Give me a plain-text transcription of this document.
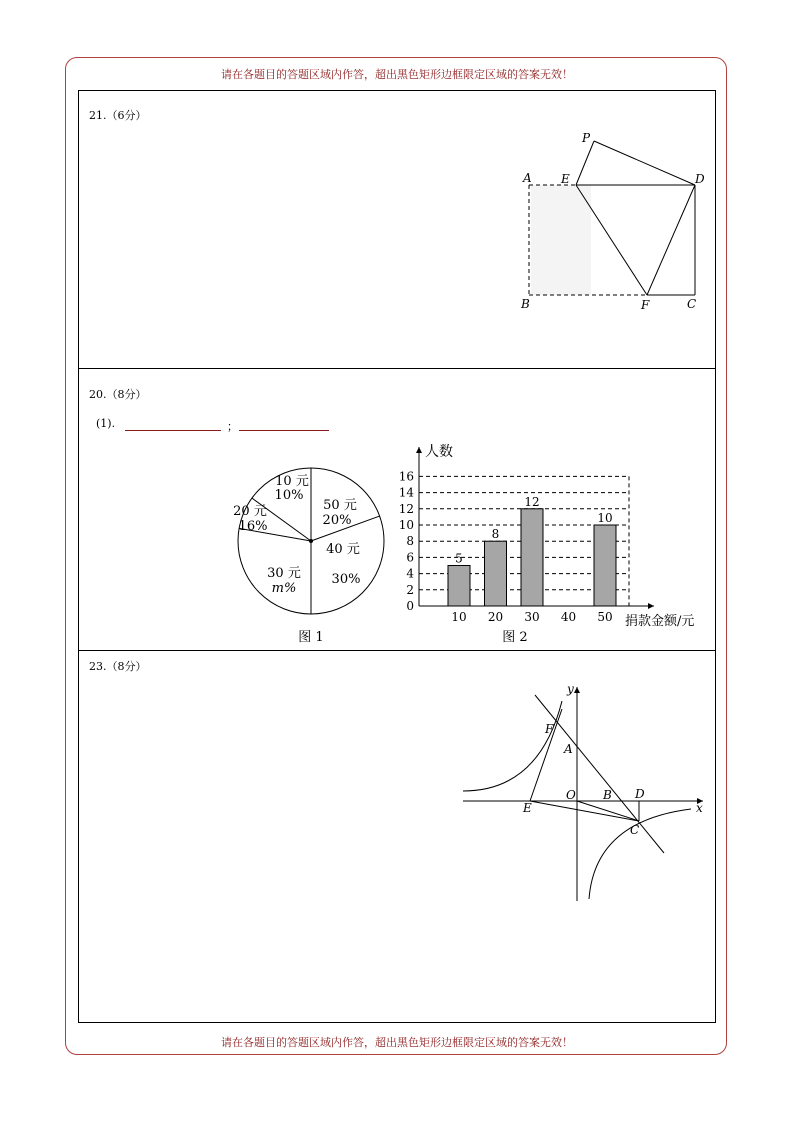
请在各题目的答题区域内作答，超出黑色矩形边框限定区域的答案无效！
请在各题目的答题区域内作答，超出黑色矩形边框限定区域的答案无效！
21.（6分）
P
A E	D
B	F	C
20.（8分）
(1).	；
10 元
10%
50 元
20%
40 元
30%
30 元
m%
20 元
16%
图 1
0
2
4
6
8
10
12
14
16
人数
捐款金额/元
10
5
20
8
30
12
40 50
10
图 2
23.（8分）
y
x
F
A
O B D
E
C
